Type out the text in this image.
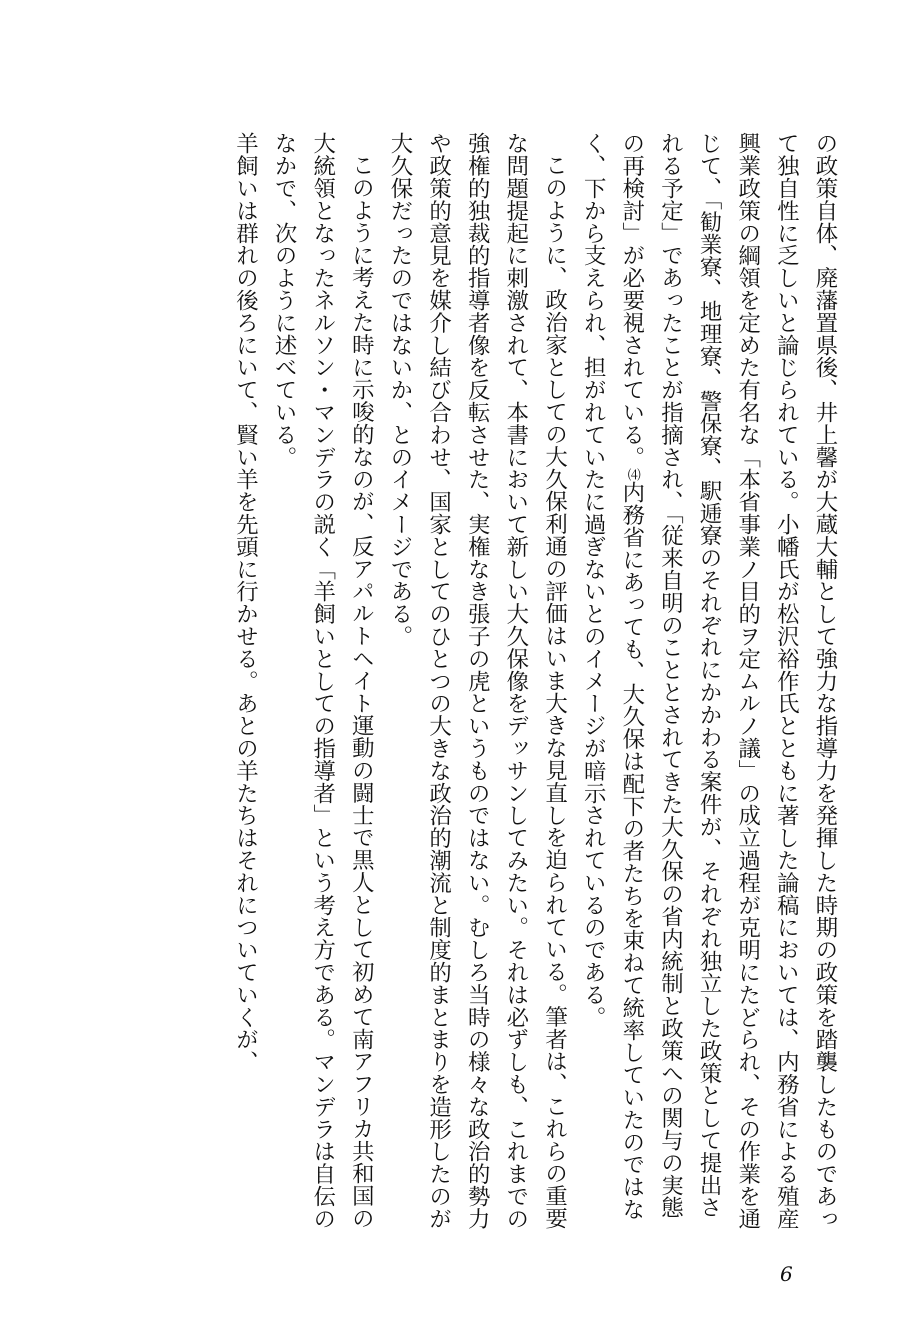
の政策自体、廃藩置県後、井上馨が大蔵大輔として強力な指導力を発揮した時期の政策を踏襲したものであって独自性に乏しいと論じられている。小幡氏が松沢裕作氏とともに著した論稿においては、内務省による殖産興業政策の綱領を定めた有名な「本省事業ノ目的ヲ定ムルノ議」の成立過程が克明にたどられ、その作業を通じて、「勧業寮、地理寮、警保寮、駅逓寮のそれぞれにかかわる案件が、それぞれ独立した政策として提出される予定」であったことが指摘され、「従来自明のこととされてきた大久保の省内統制と政策への関与の実態の再検討」が必要視されている。⑷内務省にあっても、大久保は配下の者たちを束ねて統率していたのではなく、下から支えられ、担がれていたに過ぎないとのイメージが暗示されているのである。

このように、政治家としての大久保利通の評価はいま大きな見直しを迫られている。筆者は、これらの重要な問題提起に刺激されて、本書において新しい大久保像をデッサンしてみたい。それは必ずしも、これまでの強権的独裁的指導者像を反転させた、実権なき張子の虎というものではない。むしろ当時の様々な政治的勢力や政策的意見を媒介し結び合わせ、国家としてのひとつの大きな政治的潮流と制度的まとまりを造形したのが大久保だったのではないか、とのイメージである。

このように考えた時に示唆的なのが、反アパルトヘイト運動の闘士で黒人として初めて南アフリカ共和国の大統領となったネルソン・マンデラの説く「羊飼いとしての指導者」という考え方である。マンデラは自伝のなかで、次のように述べている。

羊飼いは群れの後ろにいて、賢い羊を先頭に行かせる。あとの羊たちはそれについていくが、

6
